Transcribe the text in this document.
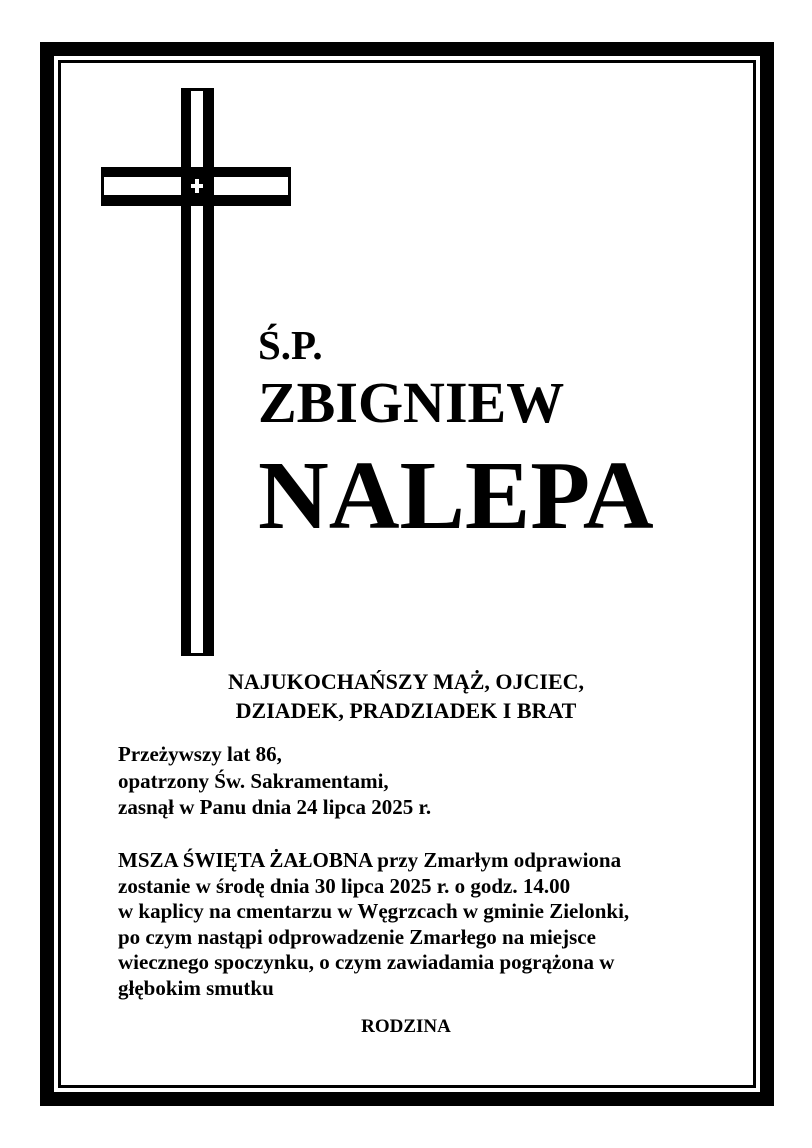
Ś.P.
ZBIGNIEW
NALEPA
NAJUKOCHAŃSZY MĄŻ, OJCIEC,
DZIADEK, PRADZIADEK I BRAT
Przeżywszy lat 86,
opatrzony Św. Sakramentami,
zasnął w Panu dnia 24 lipca 2025 r.
MSZA ŚWIĘTA ŻAŁOBNA przy Zmarłym odprawiona
zostanie w środę dnia 30 lipca 2025 r. o godz. 14.00
w kaplicy na cmentarzu w Węgrzcach w gminie Zielonki,
po czym nastąpi odprowadzenie Zmarłego na miejsce
wiecznego spoczynku, o czym zawiadamia pogrążona w
głębokim smutku
RODZINA
